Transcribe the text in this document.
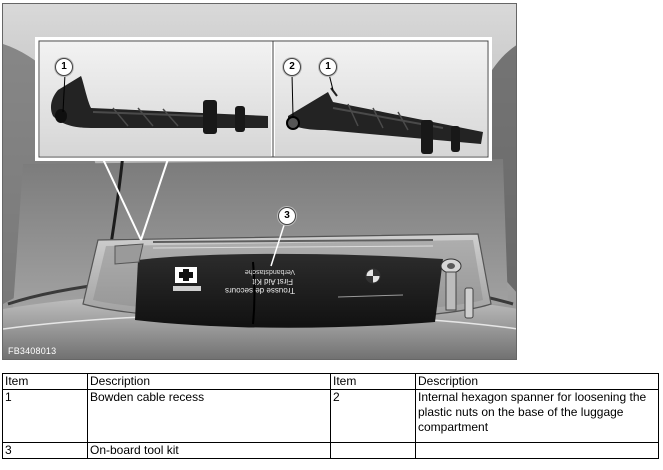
Verbandstasche
First Aid Kit
Trousse de secours
1	2	1
3
FB3408013
Item	Description	Item	Description
1	Bowden cable recess	2	Internal hexagon spanner for loosening the plastic nuts on the base of the luggage compartment
3	On-board tool kit		
